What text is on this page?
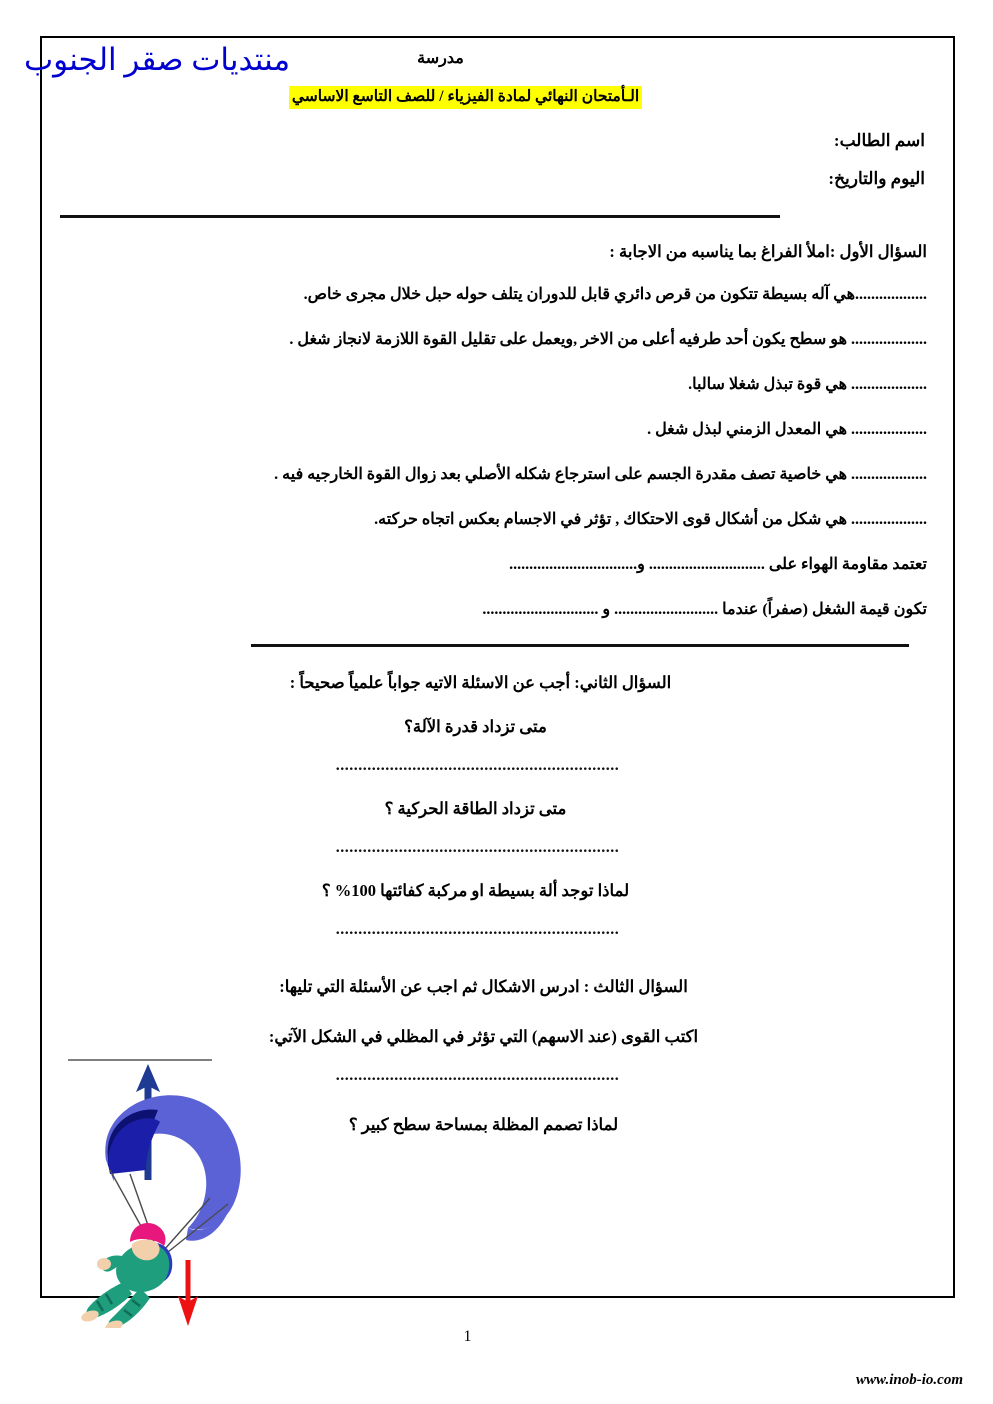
منتديات صقر الجنوب	مدرسة
الـأمتحان النهائي لمادة الفيزياء / للصف التاسع الاساسي
اسم الطالب:
اليوم والتاريخ:
السؤال الأول :املأ الفراغ بما يناسبه من الاجابة :
..................هي آله بسيطة تتكون من قرص دائري قابل للدوران يتلف حوله حبل خلال مجرى خاص.
................... هو سطح يكون أحد طرفيه أعلى من الاخر ,ويعمل على تقليل القوة اللازمة لانجاز شغل .
................... هي قوة تبذل شغلا سالبا.
................... هي المعدل الزمني لبذل شغل .
................... هي خاصية تصف مقدرة الجسم على استرجاع شكله الأصلي بعد زوال القوة الخارجيه فيه .
................... هي شكل من أشكال قوى الاحتكاك , تؤثر في الاجسام بعكس اتجاه حركته.
تعتمد مقاومة الهواء على ............................. و................................
تكون قيمة الشغل (صفراً) عندما .......................... و .............................
السؤال الثاني: أجب عن الاسئلة الاتيه جواباً علمياً صحيحاً :
متى تزداد قدرة الآلة؟
...............................................................
متى تزداد الطاقة الحركية ؟
...............................................................
لماذا توجد ألة بسيطة او مركبة كفائتها 100% ؟
...............................................................
السؤال الثالث : ادرس الاشكال ثم اجب عن الأسئلة التي تليها:
اكتب القوى (عند الاسهم) التي تؤثر في المظلي في الشكل الآتي:
...............................................................
لماذا تصمم المظلة بمساحة سطح كبير ؟
1
www.inob-io.com
